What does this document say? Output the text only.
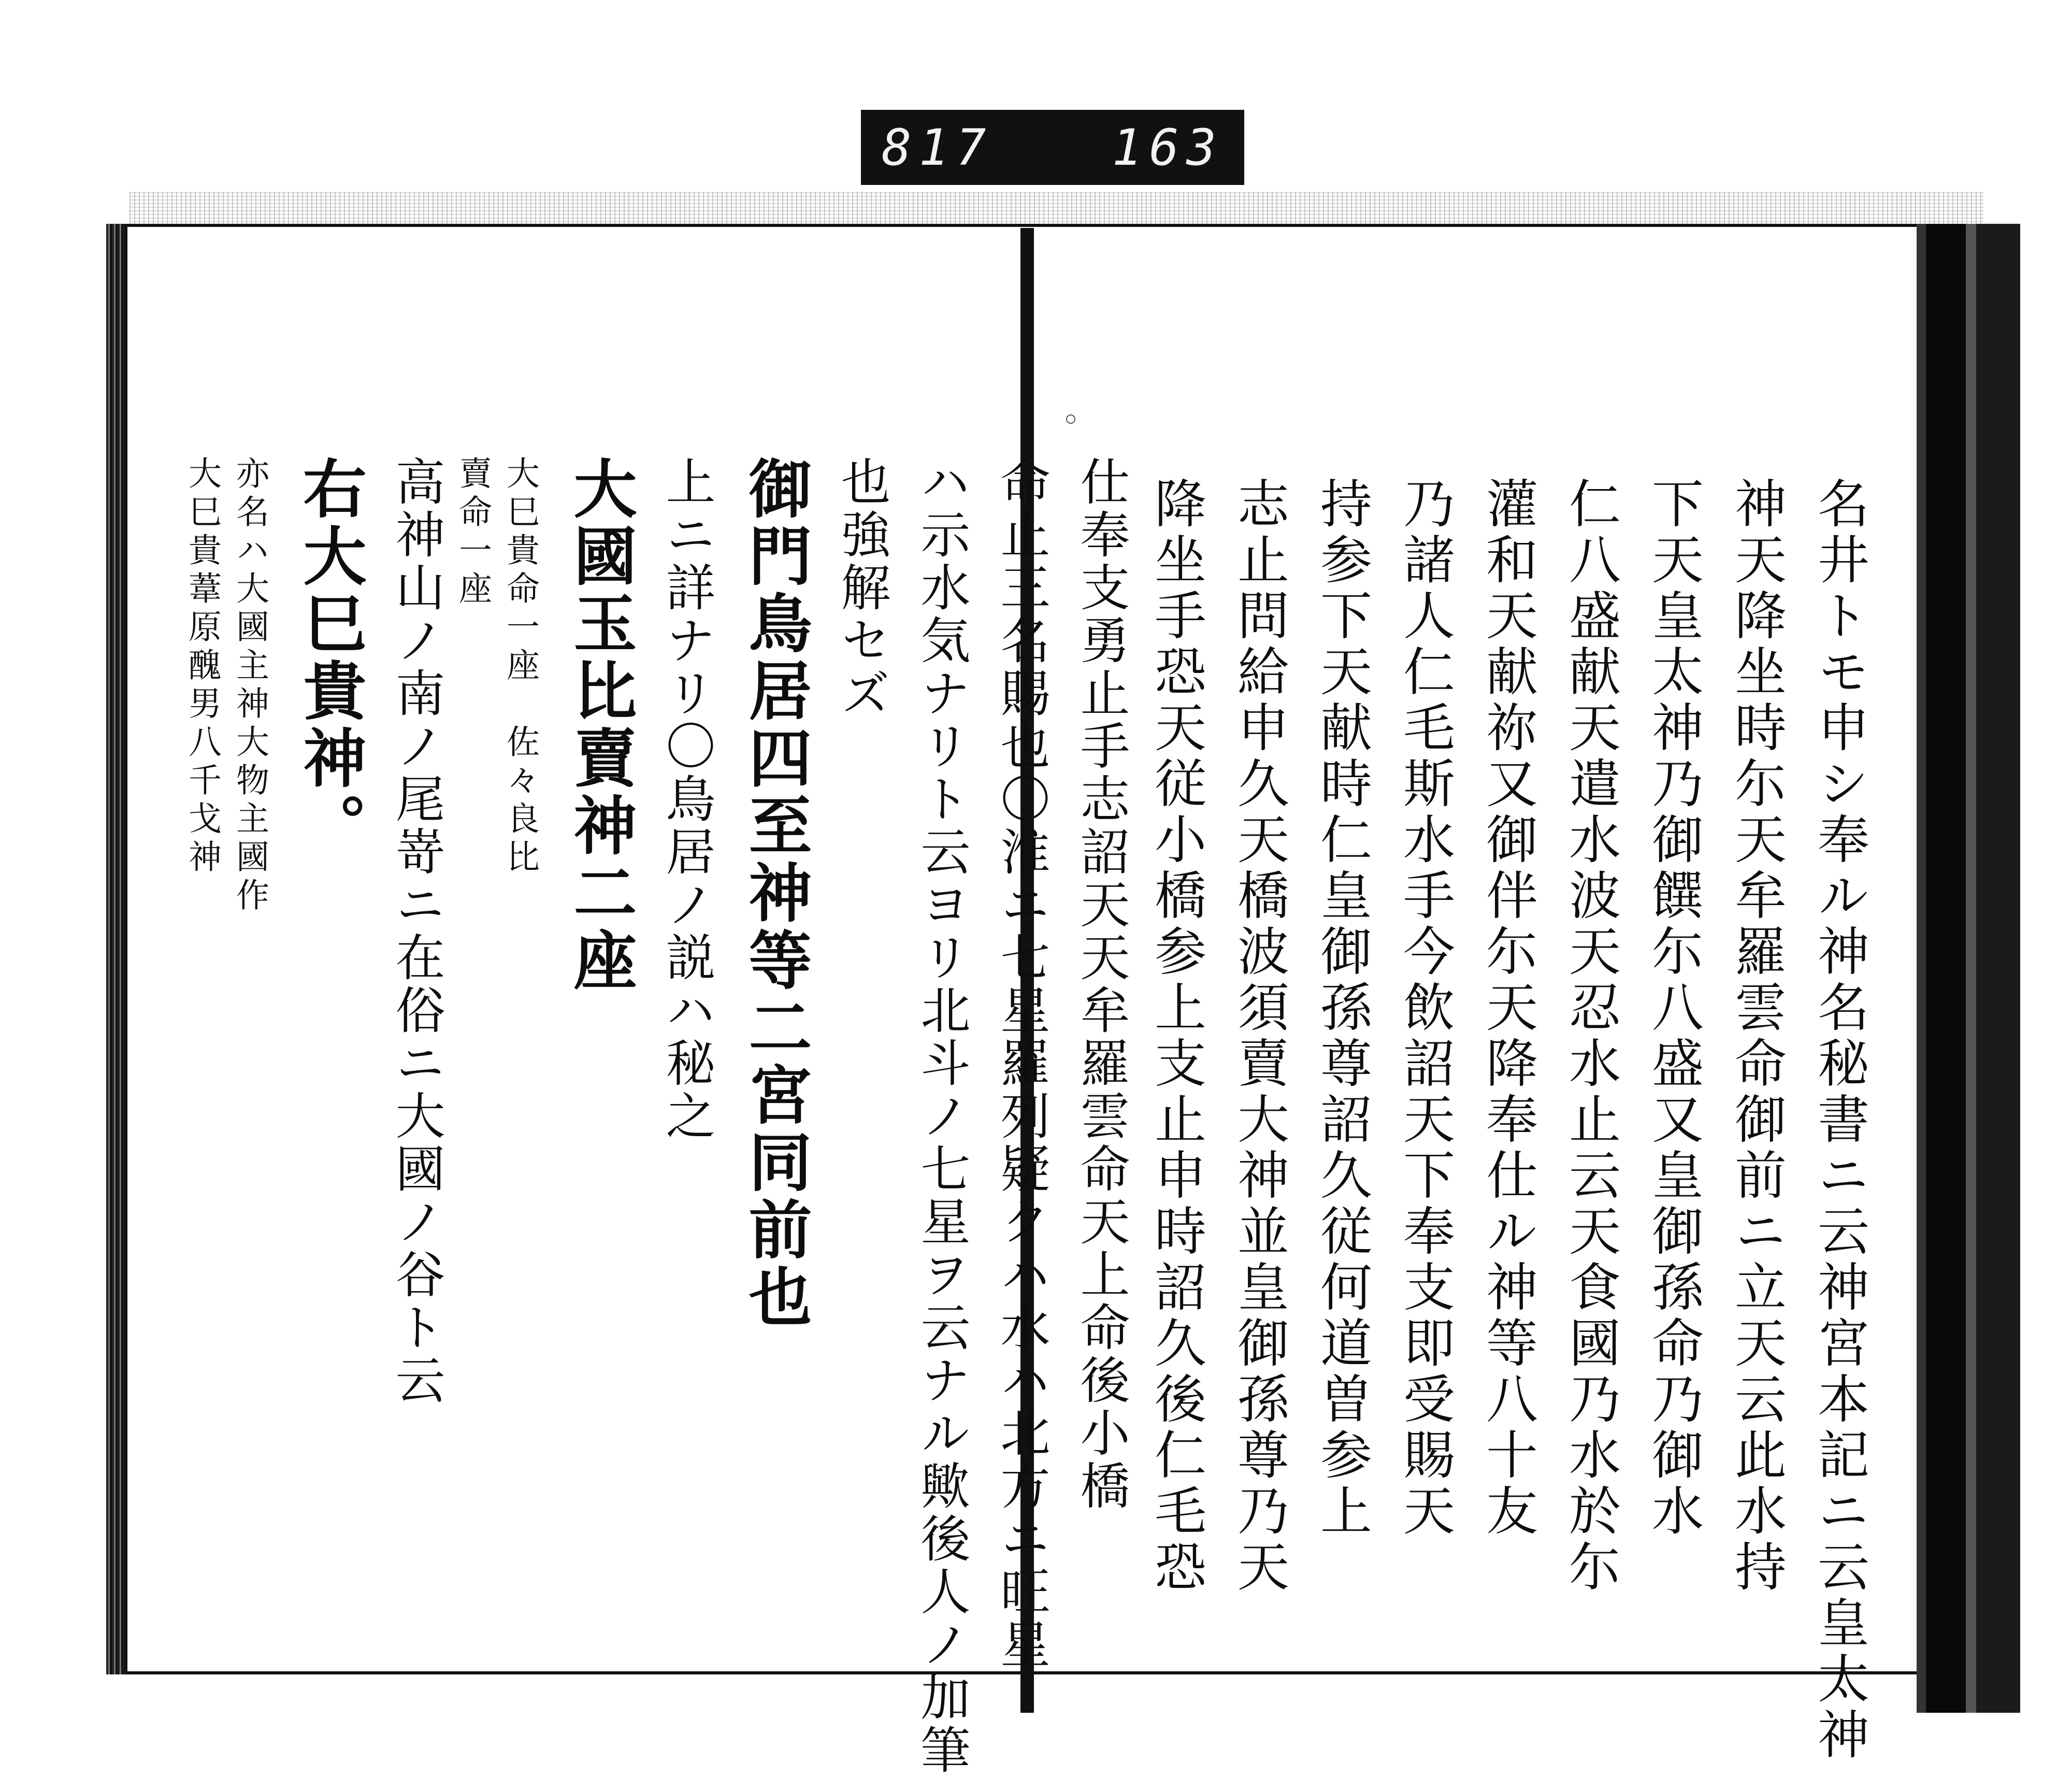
817 163
名井トモ申シ奉ル神名秘書ニ云神宮本記ニ云皇太神
神天降坐時尓天牟羅雲命御前ニ立天云此水持
下天皇太神乃御饌尓八盛又皇御孫命乃御水
仁八盛献天遣水波天忍水止云天食國乃水於尓
灌和天献祢又御伴尓天降奉仕ル神等八十友
乃諸人仁毛斯水手今飲詔天下奉支即受賜天
持参下天献時仁皇御孫尊詔久従何道曽参上
志止問給申久天橋波須賣大神並皇御孫尊乃天
降坐手恐天従小橋参上支止申時詔久後仁毛恐
仕奉支勇止手志詔天天牟羅雲命天上命後小橋
命止三名賜也〇淮ニ七星羅列疑クハ水ハ北方ニ旺星
ハ示水気ナリト云ヨリ北斗ノ七星ヲ云ナル歟後人ノ加筆
也強解セズ
御門鳥居四至神等二宮同前也
上ニ詳ナリ〇鳥居ノ説ハ秘之
大國玉比賣神二座
大巳貴命一座　佐々良比
賣命一座
高神山ノ南ノ尾嵜ニ在俗ニ大國ノ谷ト云
右大巳貴神。
亦名ハ大國主神大物主國作
大巳貴葦原醜男八千戈神
